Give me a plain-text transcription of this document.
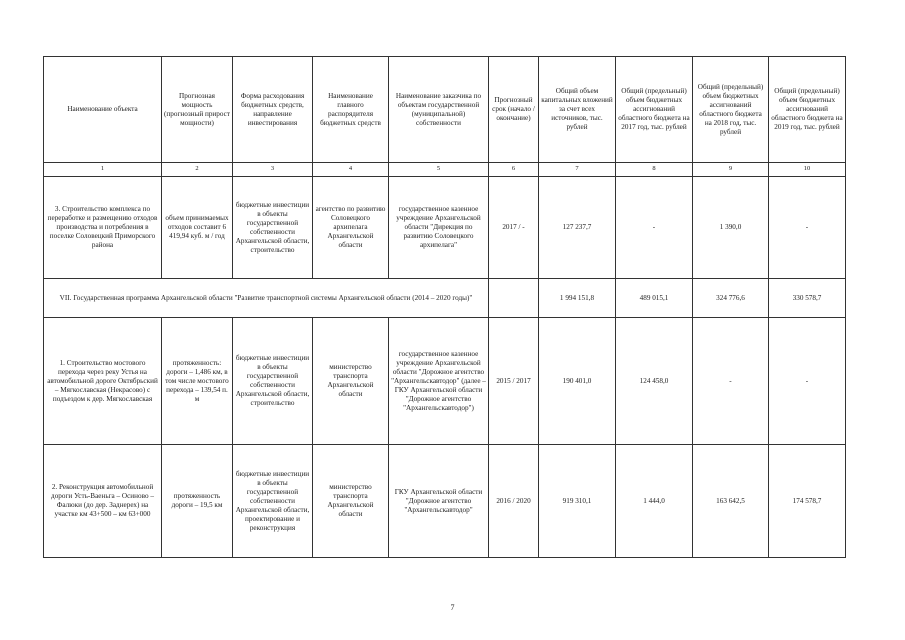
Наименование объекта	Прогнозная мощность (прогнозный прирост мощности)	Форма расходования бюджетных средств, направление инвестирования	Наименование главного распорядителя бюджетных средств	Наименование заказчика по объектам государственной (муниципальной) собственности	Прогнозный срок (начало / окончание)	Общий объем капитальных вложений за счет всех источников, тыс. рублей	Общий (предельный) объем бюджетных ассигнований областного бюджета на 2017 год, тыс. рублей	Общий (предельный) объем бюджетных ассигнований областного бюджета на 2018 год, тыс. рублей	Общий (предельный) объем бюджетных ассигнований областного бюджета на 2019 год, тыс. рублей
1	2	3	4	5	6	7	8	9	10
3. Строительство комплекса по переработке и размещению отходов производства и потребления в поселке Соловецкий Приморского района	объем принимаемых отходов составит 6 419,94 куб. м / год	бюджетные инвестиции в объекты государственной собственности Архангельской области, строительство	агентство по развитию Соловецкого архипелага Архангельской области	государственное казенное учреждение Архангельской области "Дирекция по развитию Соловецкого архипелага"	2017 / -	127 237,7	-	1 390,0	-
VII. Государственная программа Архангельской области "Развитие транспортной системы Архангельской области (2014 – 2020 годы)"						1 994 151,8	489 015,1	324 776,6	330 578,7
1. Строительство мостового перехода через реку Устья на автомобильной дороге Октябрьский – Мягкославская (Некрасово) с подъездом к дер. Мягкославская	протяженность: дороги – 1,486 км, в том числе мостового перехода – 139,54 п. м	бюджетные инвестиции в объекты государственной собственности Архангельской области, строительство	министерство транспорта Архангельской области	государственное казенное учреждение Архангельской области "Дорожное агентство "Архангельскавтодор" (далее – ГКУ Архангельской области "Дорожное агентство "Архангельскавтодор")	2015 / 2017	190 401,0	124 458,0	-	-
2. Реконструкция автомобильной дороги Усть-Ваеньга – Осиново – Фалюки (до дер. Заднерех) на участке км 43+500 – км 63+000	протяженность дороги – 19,5 км	бюджетные инвестиции в объекты государственной собственности Архангельской области, проектирование и реконструкция	министерство транспорта Архангельской области	ГКУ Архангельской области "Дорожное агентство "Архангельскавтодор"	2016 / 2020	919 310,1	1 444,0	163 642,5	174 578,7
7
